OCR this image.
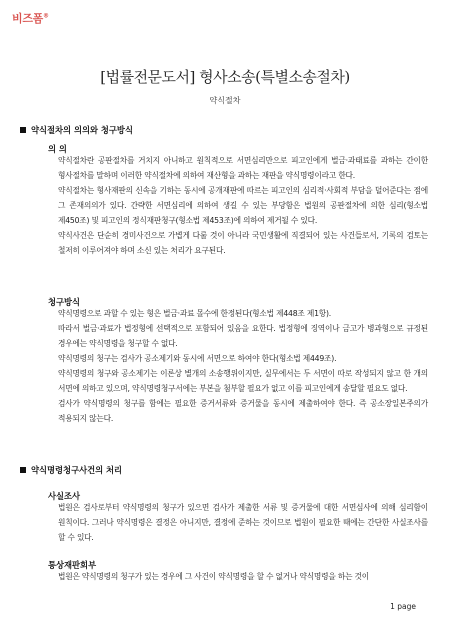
비즈폼®
[법률전문도서] 형사소송(특별소송절차)
약식절차
약식절차의 의의와 청구방식
의 의
약식절차란 공판절차를 거치지 아니하고 원칙적으로 서면심리만으로 피고인에게 벌금·과태료를 과하는 간이한 형사절차를 말하며 이러한 약식절차에 의하여 재산형을 과하는 재판을 약식명령이라고 한다.
약식절차는 형사재판의 신속을 기하는 동시에 공개재판에 따르는 피고인의 심리적·사회적 부담을 덜어준다는 점에 그 존재의의가 있다. 간략한 서면심리에 의하여 생길 수 있는 부당함은 법원의 공판절차에 의한 심리(형소법 제450조) 및 피고인의 정식재판청구(형소법 제453조)에 의하여 제거될 수 있다.
약식사건은 단순히 경미사건으로 가볍게 다룰 것이 아니라 국민생활에 직결되어 있는 사건들로서, 기록의 검토는 철저히 이루어져야 하며 소신 있는 처리가 요구된다.
청구방식
약식명령으로 과할 수 있는 형은 벌금·과료 몰수에 한정된다(형소법 제448조 제1항).
따라서 벌금·과료가 법정형에 선택적으로 포함되어 있음을 요한다. 법정형에 징역이나 금고가 병과형으로 규정된 경우에는 약식명령을 청구할 수 없다.
약식명령의 청구는 검사가 공소제기와 동시에 서면으로 하여야 한다(형소법 제449조).
약식명령의 청구와 공소제기는 이론상 별개의 소송행위이지만, 실무에서는 두 서면이 따로 작성되지 않고 한 개의 서면에 의하고 있으며, 약식명령청구서에는 부본을 첨부할 필요가 없고 이를 피고인에게 송달할 필요도 없다.
검사가 약식명령의 청구를 함에는 필요한 증거서류와 증거물을 동시에 제출하여야 한다. 즉 공소장일본주의가 적용되지 않는다.
약식명령청구사건의 처리
사실조사
법원은 검사로부터 약식명령의 청구가 있으면 검사가 제출한 서류 및 증거물에 대한 서면심사에 의해 심리함이 원칙이다. 그러나 약식명령은 결정은 아니지만, 결정에 준하는 것이므로 법원이 필요한 때에는 간단한 사실조사를 할 수 있다.
통상재판회부
법원은 약식명령의 청구가 있는 경우에 그 사건이 약식명령을 할 수 없거나 약식명령을 하는 것이
1 page
